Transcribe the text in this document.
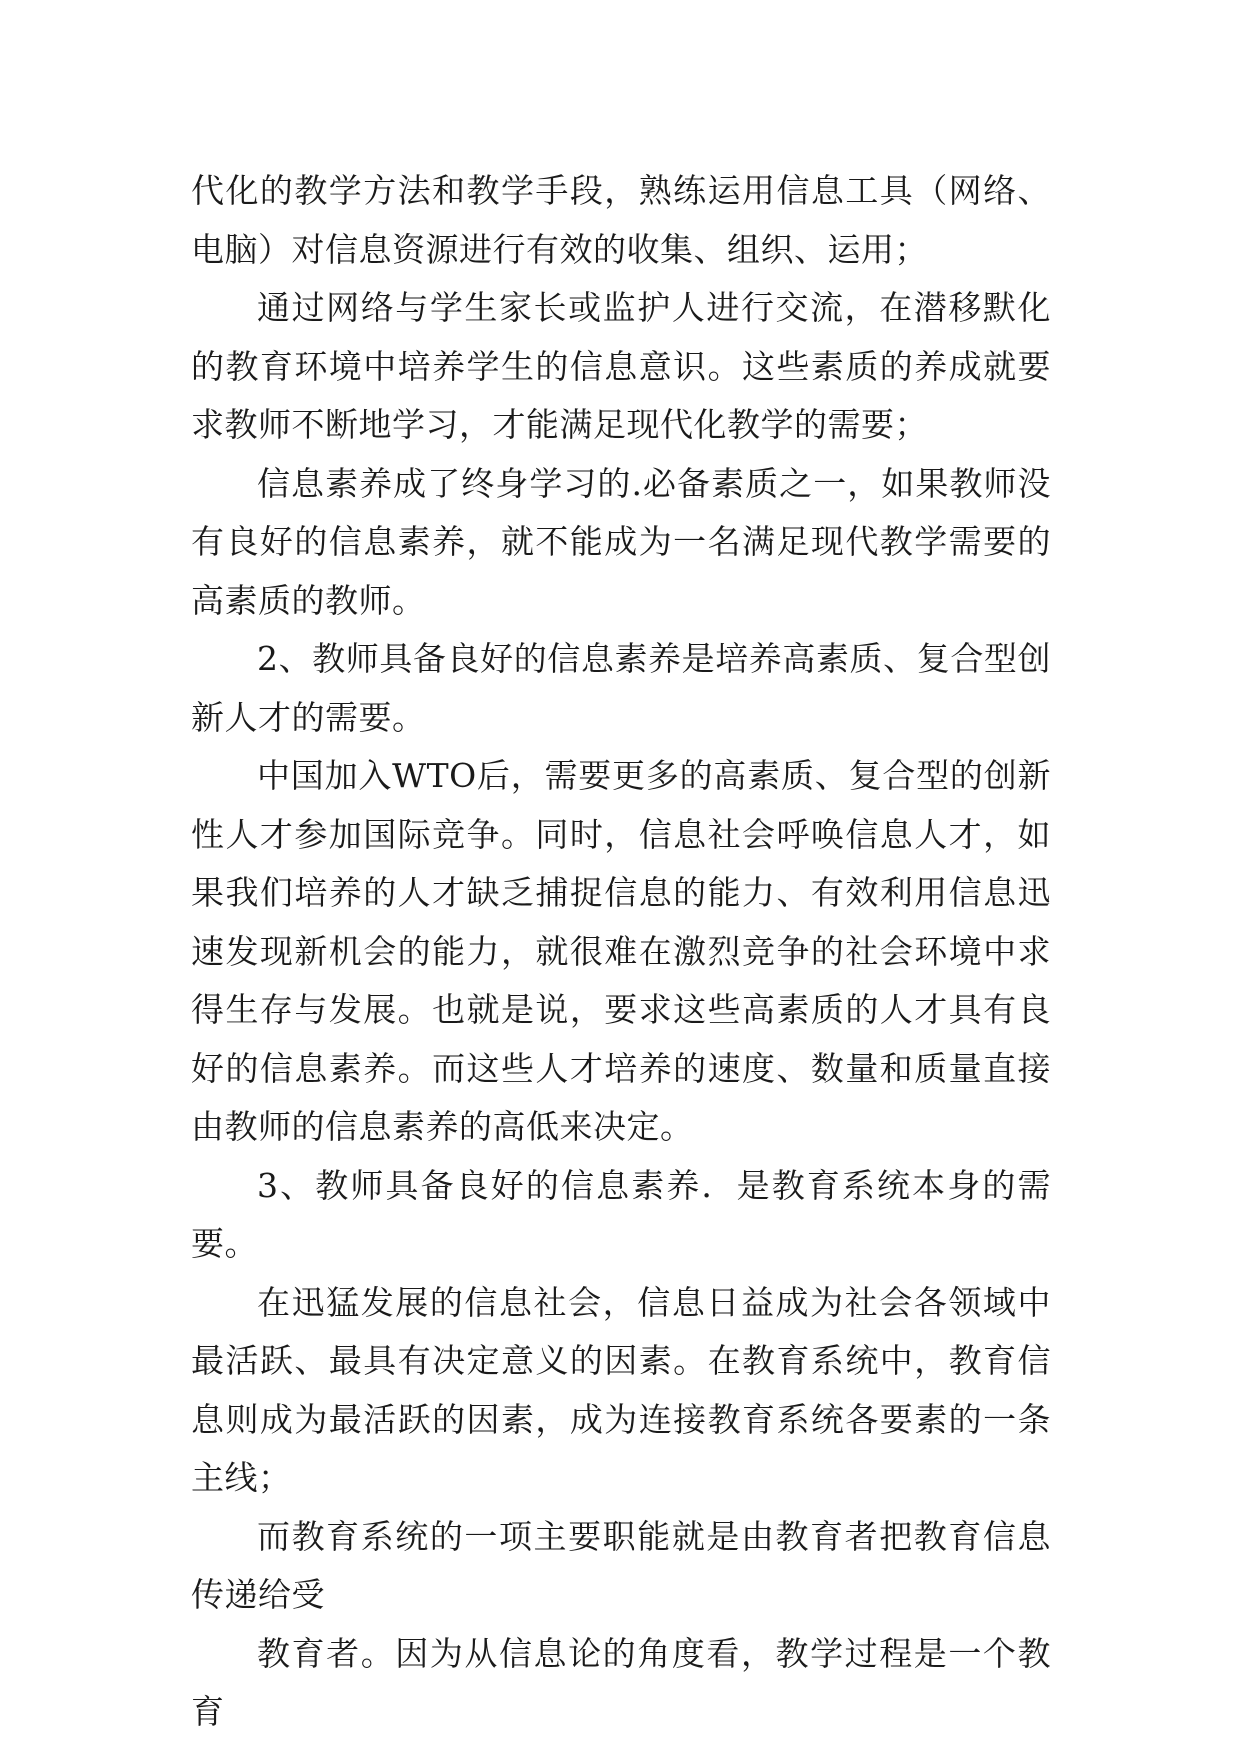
代化的教学方法和教学手段，熟练运用信息工具（网络、电脑）对信息资源进行有效的收集、组织、运用；

通过网络与学生家长或监护人进行交流，在潜移默化的教育环境中培养学生的信息意识。这些素质的养成就要求教师不断地学习，才能满足现代化教学的需要；

信息素养成了终身学习的.必备素质之一，如果教师没有良好的信息素养，就不能成为一名满足现代教学需要的高素质的教师。

2、教师具备良好的信息素养是培养高素质、复合型创新人才的需要。

中国加入WTO后，需要更多的高素质、复合型的创新性人才参加国际竞争。同时，信息社会呼唤信息人才，如果我们培养的人才缺乏捕捉信息的能力、有效利用信息迅速发现新机会的能力，就很难在激烈竞争的社会环境中求得生存与发展。也就是说，要求这些高素质的人才具有良好的信息素养。而这些人才培养的速度、数量和质量直接由教师的信息素养的高低来决定。

3、教师具备良好的信息素养．是教育系统本身的需要。

在迅猛发展的信息社会，信息日益成为社会各领域中最活跃、最具有决定意义的因素。在教育系统中，教育信息则成为最活跃的因素，成为连接教育系统各要素的一条主线；

而教育系统的一项主要职能就是由教育者把教育信息传递给受

教育者。因为从信息论的角度看，教学过程是一个教育
